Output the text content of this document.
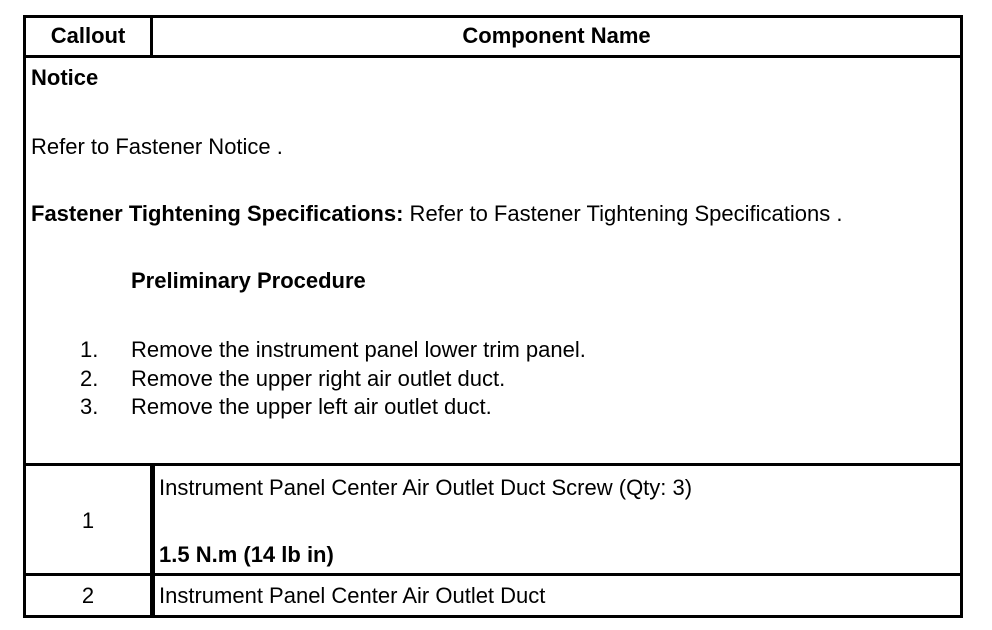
Callout	Component Name
Notice
Refer to Fastener Notice .
Fastener Tightening Specifications: Refer to Fastener Tightening Specifications .
Preliminary Procedure
1. Remove the instrument panel lower trim panel.
2. Remove the upper right air outlet duct.
3. Remove the upper left air outlet duct.
1
Instrument Panel Center Air Outlet Duct Screw (Qty: 3)
1.5 N.m (14 lb in)
2	Instrument Panel Center Air Outlet Duct
